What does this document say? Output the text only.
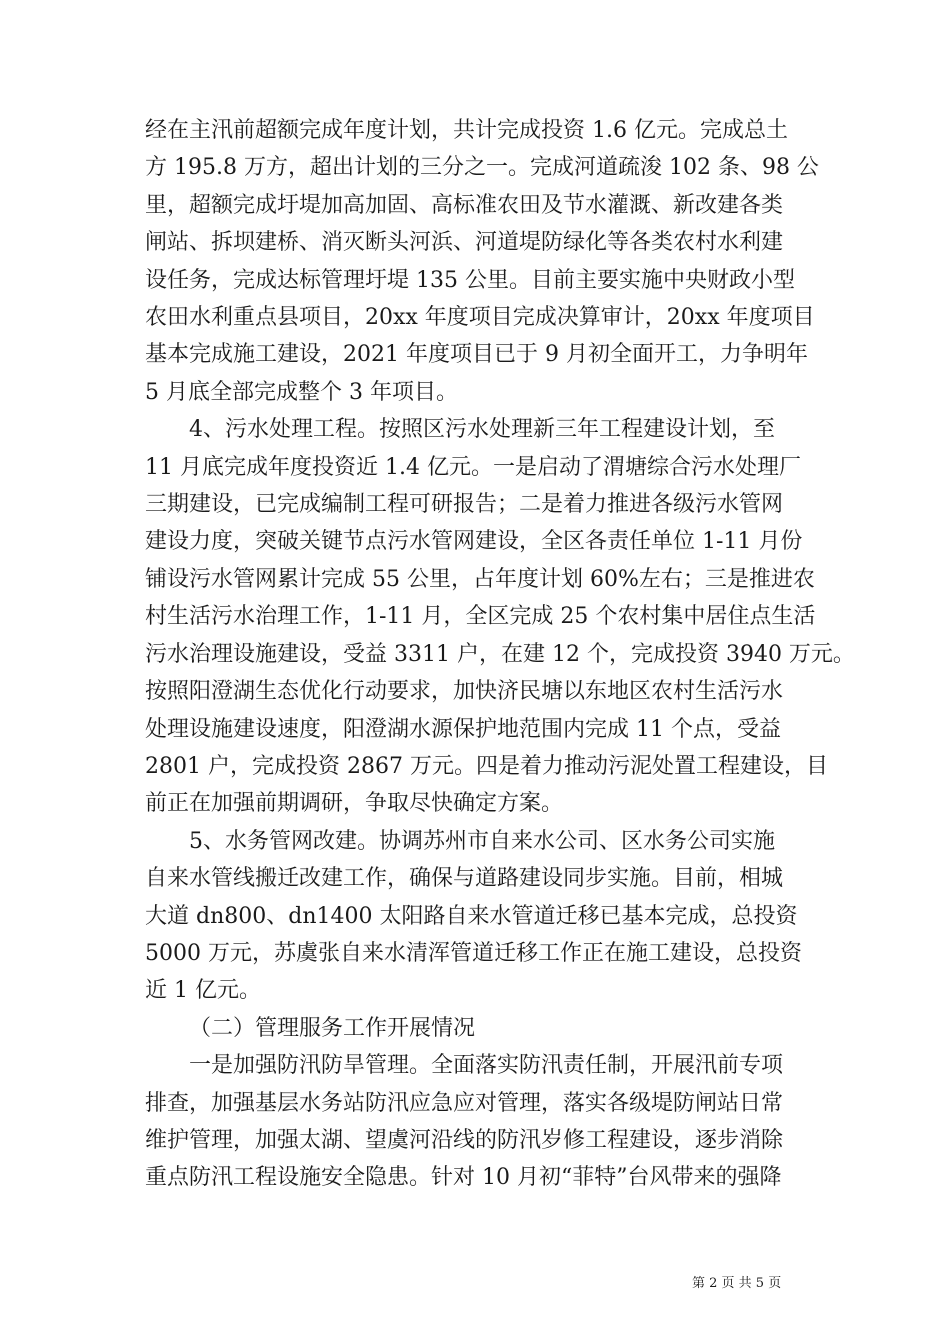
经在主汛前超额完成年度计划，共计完成投资 1.6 亿元。完成总土

方 195.8 万方，超出计划的三分之一。完成河道疏浚 102 条、98 公

里，超额完成圩堤加高加固、高标准农田及节水灌溉、新改建各类

闸站、拆坝建桥、消灭断头河浜、河道堤防绿化等各类农村水利建

设任务，完成达标管理圩堤 135 公里。目前主要实施中央财政小型

农田水利重点县项目，20xx 年度项目完成决算审计，20xx 年度项目

基本完成施工建设，2021 年度项目已于 9 月初全面开工，力争明年

5 月底全部完成整个 3 年项目。

4、污水处理工程。按照区污水处理新三年工程建设计划，至

11 月底完成年度投资近 1.4 亿元。一是启动了渭塘综合污水处理厂

三期建设，已完成编制工程可研报告；二是着力推进各级污水管网

建设力度，突破关键节点污水管网建设，全区各责任单位 1-11 月份

铺设污水管网累计完成 55 公里，占年度计划 60%左右；三是推进农

村生活污水治理工作，1-11 月，全区完成 25 个农村集中居住点生活

污水治理设施建设，受益 3311 户，在建 12 个，完成投资 3940 万元。

按照阳澄湖生态优化行动要求，加快济民塘以东地区农村生活污水

处理设施建设速度，阳澄湖水源保护地范围内完成 11 个点，受益

2801 户，完成投资 2867 万元。四是着力推动污泥处置工程建设，目

前正在加强前期调研，争取尽快确定方案。

5、水务管网改建。协调苏州市自来水公司、区水务公司实施

自来水管线搬迁改建工作，确保与道路建设同步实施。目前，相城

大道 dn800、dn1400 太阳路自来水管道迁移已基本完成，总投资

5000 万元，苏虞张自来水清浑管道迁移工作正在施工建设，总投资

近 1 亿元。

（二）管理服务工作开展情况

一是加强防汛防旱管理。全面落实防汛责任制，开展汛前专项

排查，加强基层水务站防汛应急应对管理，落实各级堤防闸站日常

维护管理，加强太湖、望虞河沿线的防汛岁修工程建设，逐步消除

重点防汛工程设施安全隐患。针对 10 月初“菲特”台风带来的强降

第 2 页 共 5 页
